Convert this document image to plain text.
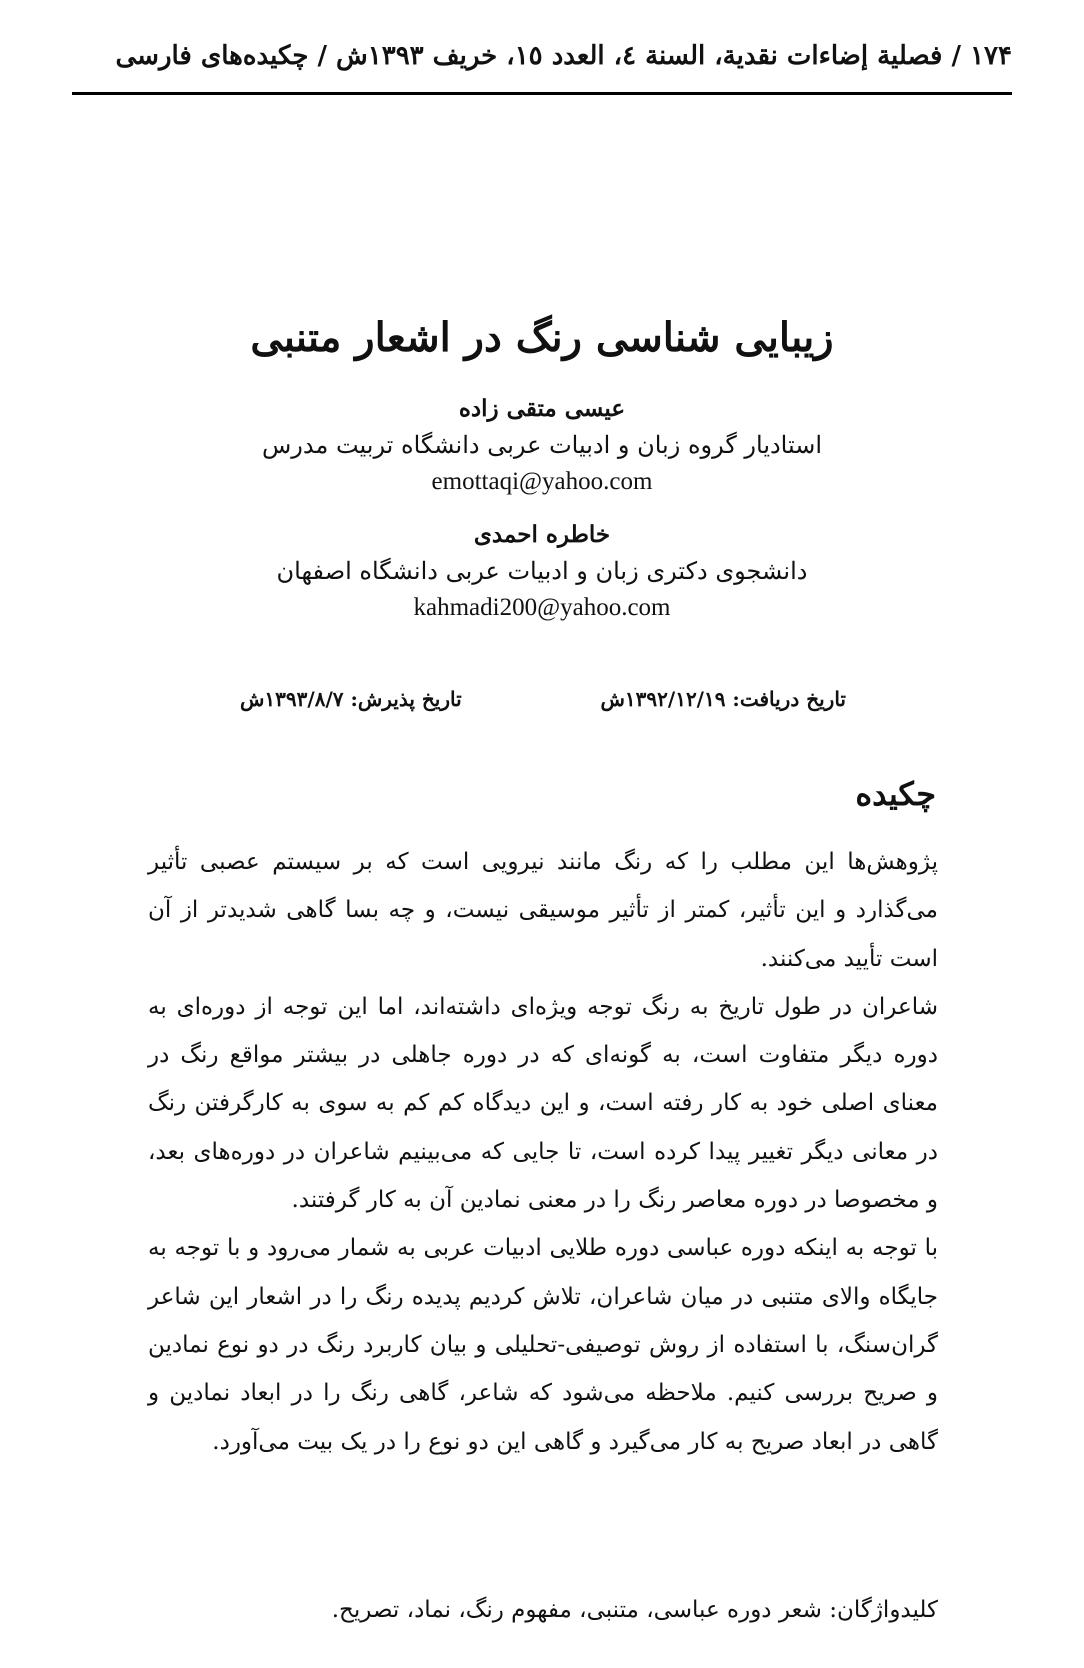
۱۷۴ / فصلیة إضاءات نقدیة، السنة ٤، العدد ١٥، خریف ۱۳۹۳ش / چکیده‌های فارسی
زیبایی شناسی رنگ در اشعار متنبی
عیسی متقی زاده
استادیار گروه زبان و ادبیات عربی دانشگاه تربیت مدرس
emottaqi@yahoo.com
خاطره احمدی
دانشجوی دکتری زبان و ادبیات عربی دانشگاه اصفهان
kahmadi200@yahoo.com
تاریخ دریافت: ۱۳۹۲/۱۲/۱۹ش
تاریخ پذیرش: ۱۳۹۳/۸/۷ش
چکیده

پژوهش‌ها این مطلب را که رنگ مانند نیرویی است که بر سیستم عصبی تأثیر می‌گذارد و این تأثیر، کمتر از تأثیر موسیقی نیست، و چه بسا گاهی شدیدتر از آن است تأیید می‌کنند.

شاعران در طول تاریخ به رنگ توجه ویژه‌ای داشته‌اند، اما این توجه از دوره‌ای به دوره دیگر متفاوت است، به گونه‌ای که در دوره جاهلی در بیشتر مواقع رنگ در معنای اصلی خود به کار رفته است، و این دیدگاه کم کم به سوی به کارگرفتن رنگ در معانی دیگر تغییر پیدا کرده است، تا جایی که می‌بینیم شاعران در دوره‌های بعد، و مخصوصا در دوره معاصر رنگ را در معنی نمادین آن به کار گرفتند.

با توجه به اینکه دوره عباسی دوره طلایی ادبیات عربی به شمار می‌رود و با توجه به جایگاه والای متنبی در میان شاعران، تلاش کردیم پدیده رنگ را در اشعار این شاعر گران‌سنگ، با استفاده از روش توصیفی-تحلیلی و بیان کاربرد رنگ در دو نوع نمادین و صریح بررسی کنیم. ملاحظه می‌شود که شاعر، گاهی رنگ را در ابعاد نمادین و گاهی در ابعاد صریح به کار می‌گیرد و گاهی این دو نوع را در یک بیت می‌آورد.

کلیدواژگان: شعر دوره عباسی، متنبی، مفهوم رنگ، نماد، تصریح.
